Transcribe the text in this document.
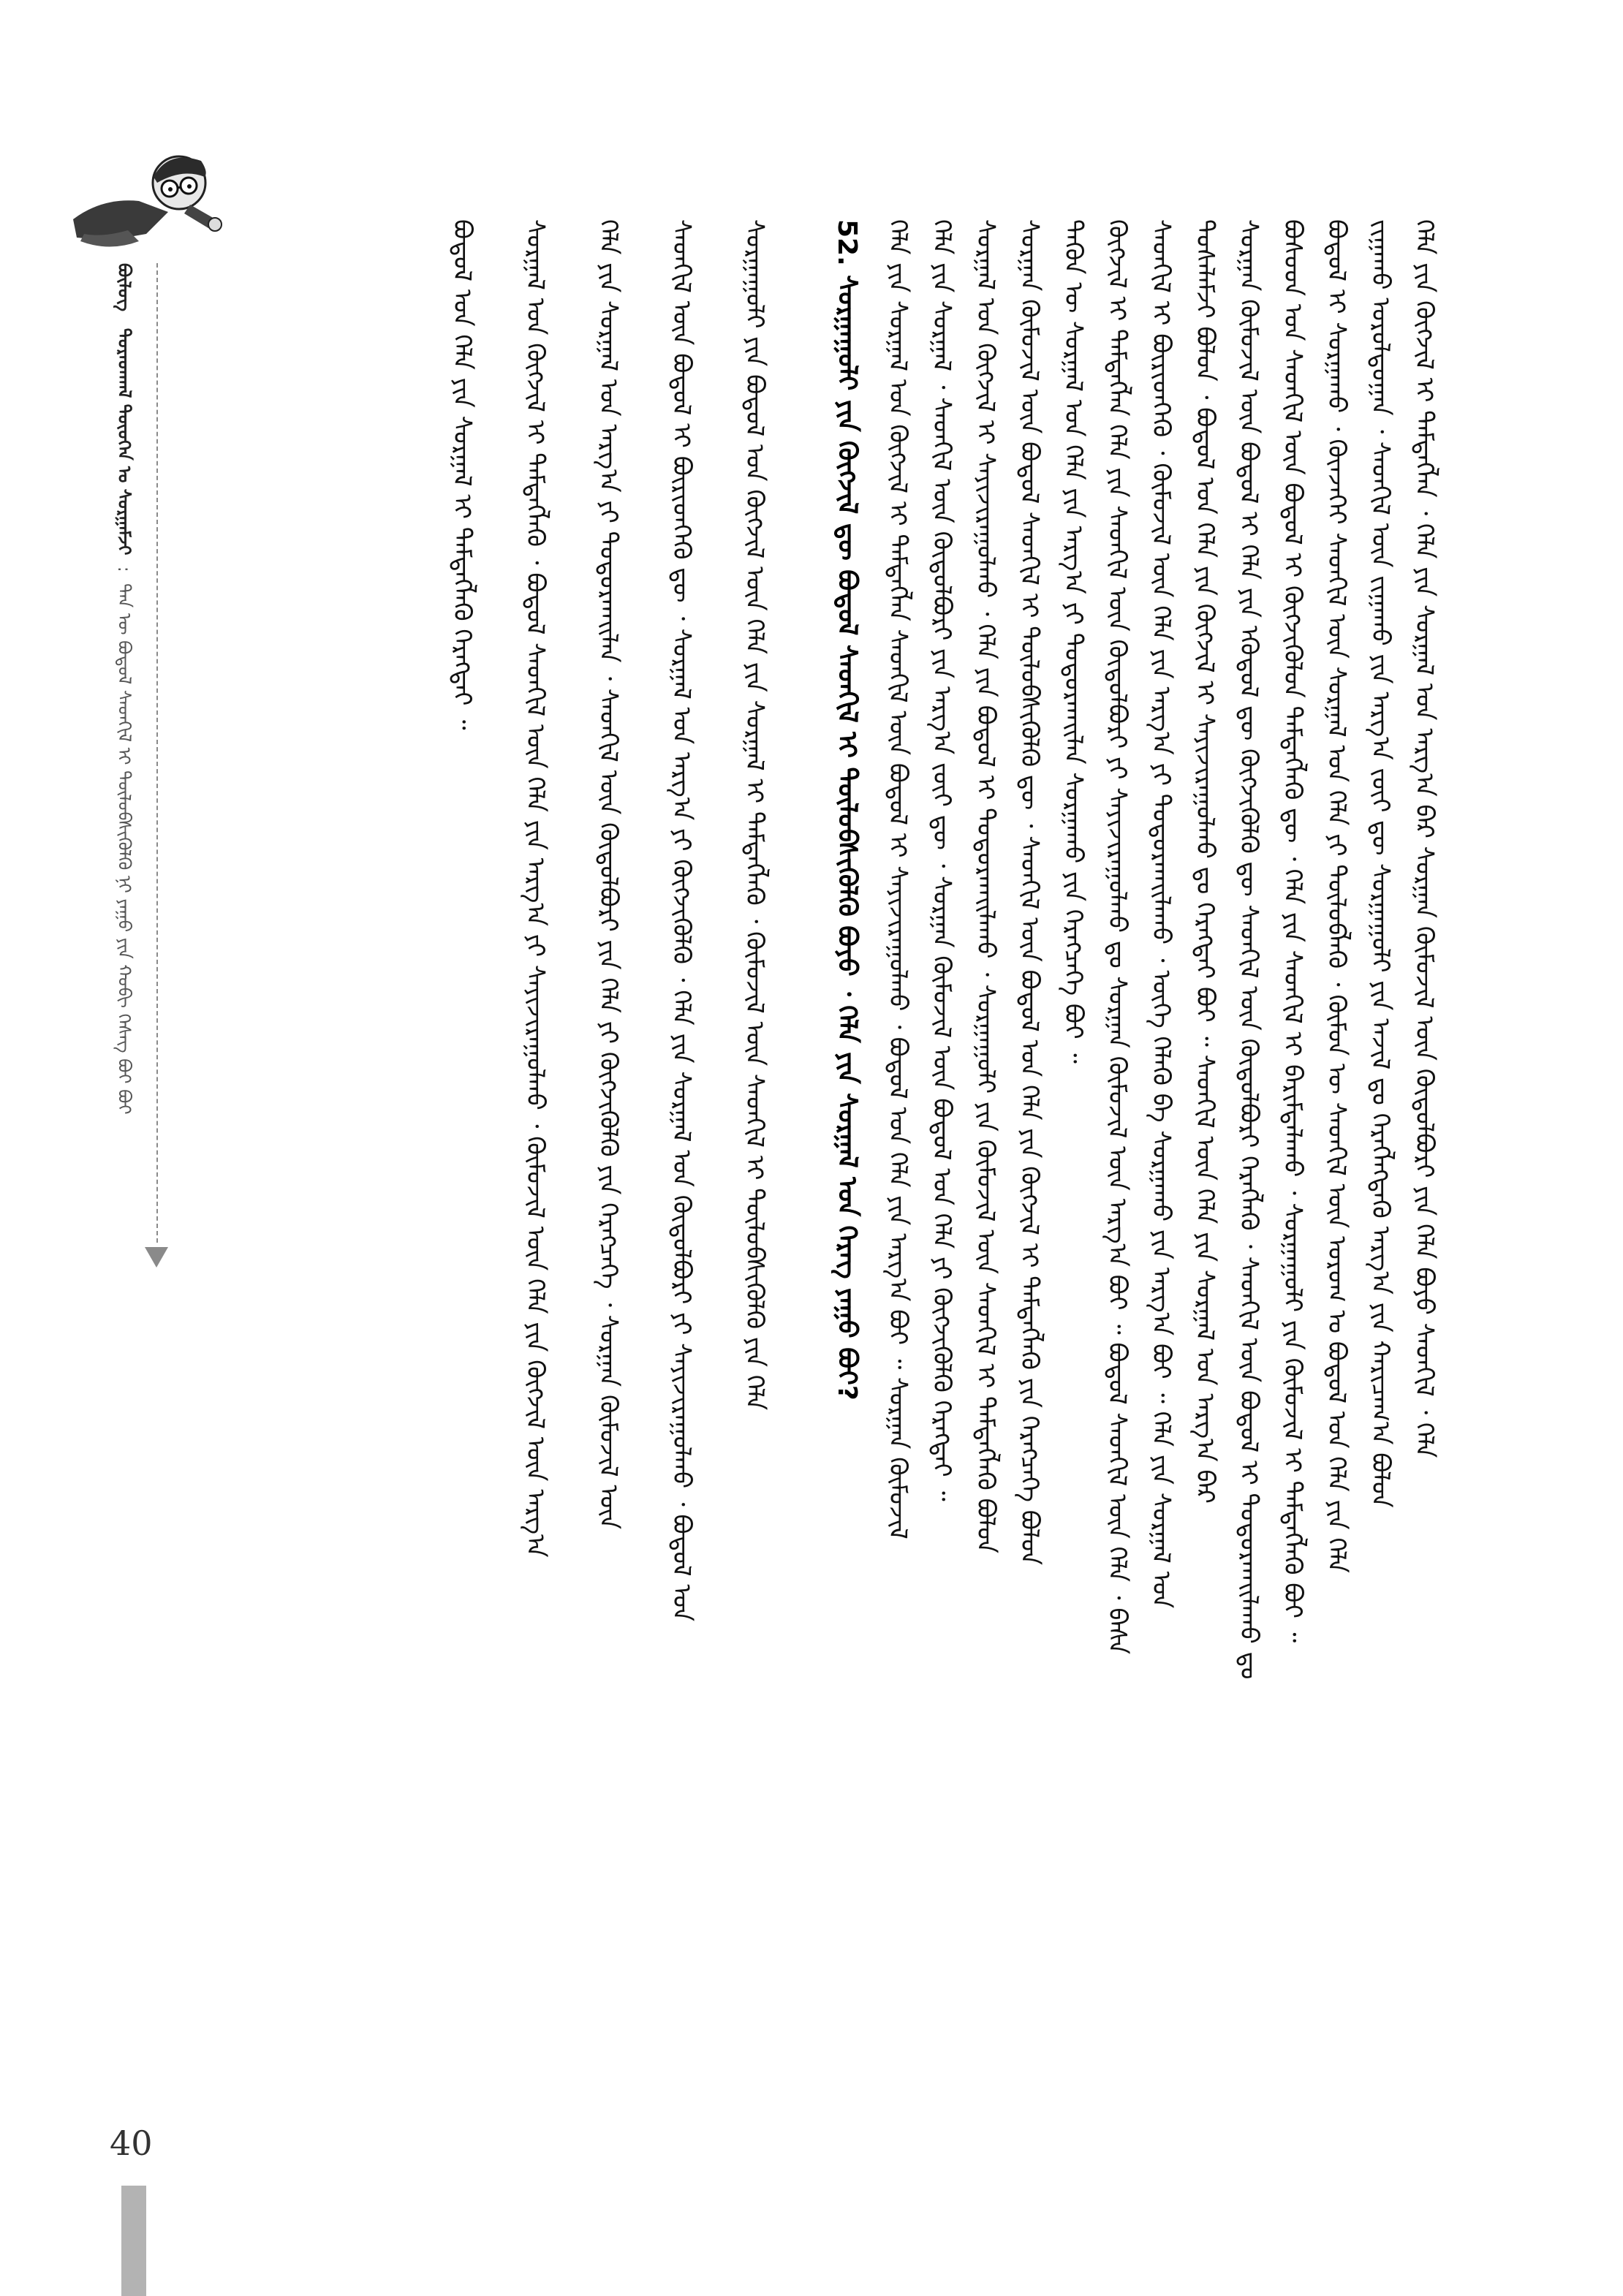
ᠪᠦᠯᠦᠭ   ᠳᠤᠷᠠᠳᠬᠠᠯ ᠲᠦᠦᠬᠡᠨ ᠤ ᠰᠤᠷᠭᠠᠮᠵᠢ  :  ᠲᠠᠨ ᠦ ᠪᠣᠳᠤᠯ ᠰᠡᠳᠬᠢᠯ ᠢ ᠲᠥᠯᠥᠪᠰᠢᠭᠦᠯᠬᠦ ᠨᠢ ᠶᠠᠭᠤ ᠶᠢᠨ ᠬᠤᠪᠢ ᠬᠡᠰᠡᠭ ᠪᠤᠢ ᠪᠤᠢ	ᠬᠡᠯᠡ ᠶᠢᠨ ᠬᠥᠭᠵᠢᠯ ᠢ ᠲᠡᠮᠳᠡᠭᠯᠡᠨ ᠂ ᠬᠡᠯᠡ ᠶᠢᠨ ᠰᠤᠷᠭᠠᠯ ᠤᠨ ᠠᠷᠭ᠎ᠠ ᠪᠠᠷ ᠰᠤᠷᠭᠠᠨ ᠬᠥᠮᠦᠵᠢᠯ ᠦᠨ ᠬᠥᠲᠦᠯᠪᠦᠷᠢ ᠶᠢᠨ ᠬᠡᠯᠡ ᠪᠤᠶᠤ ᠰᠡᠳᠬᠢᠯ ᠂ ᠬᠡᠯᠡ
ᠵᠢᠭᠠᠬᠤ ᠤᠷᠤᠯᠳᠤᠭᠠᠨ ᠂ ᠰᠡᠳᠬᠢᠯ ᠦᠨ ᠵᠢᠭᠠᠬᠤ ᠶᠢᠨ ᠠᠷᠭ᠎ᠠ ᠵᠦᠢ ᠳᠦ ᠰᠤᠷᠭᠠᠭᠤᠯᠢ ᠶᠢᠨ ᠠᠵᠢᠯ ᠳᠤ ᠬᠡᠷᠡᠭᠯᠡᠭᠳᠡᠬᠦ ᠠᠷᠭ᠎ᠠ ᠶᠢᠨ ᠬᠠᠷᠢᠴᠠᠭ᠎ᠠ ᠪᠣᠯᠤᠨ
ᠪᠣᠳᠤᠯ ᠢ ᠰᠤᠷᠭᠠᠬᠤ ᠂ ᠭᠥᠨᠵᠡᠭᠡᠢ ᠰᠡᠳᠬᠢᠯ ᠦᠨ ᠰᠤᠷᠭᠠᠯ ᠤᠨ ᠬᠡᠯᠡ ᠶᠢ ᠲᠥᠯᠥᠪᠯᠡᠬᠦ ᠂ ᠬᠦᠮᠦᠨ ᠦ ᠰᠡᠳᠬᠢᠯ ᠦᠨ ᠤᠷᠤᠭ ᠤ ᠪᠤᠳᠤᠯ ᠤᠨ ᠬᠡᠯᠡ ᠶᠢᠨ ᠬᠡᠯᠡ
ᠪᠤᠰᠤᠳ ᠤᠨ ᠰᠡᠳᠬᠢᠯ ᠦᠨ ᠪᠣᠳᠤᠯ ᠢ ᠬᠥᠭᠵᠢᠭᠦᠯᠦᠨ ᠲᠡᠮᠳᠡᠭᠯᠡᠬᠦ ᠳᠦ ᠂ ᠬᠡᠯᠡ ᠶᠢᠨ ᠰᠡᠳᠬᠢᠯ ᠢ ᠪᠠᠷᠢᠮᠲᠠᠯᠠᠬᠤ ᠂ ᠰᠤᠷᠭᠠᠭᠤᠯᠢ ᠶᠢᠨ ᠬᠦᠮᠦᠵᠢᠯ ᠢ ᠲᠡᠮᠳᠡᠭᠯᠡᠬᠦ ᠪᠤᠢ ᠃
ᠰᠤᠷᠭᠠᠨ ᠬᠦᠮᠦᠵᠢᠯ ᠦᠨ ᠪᠣᠳᠤᠯ ᠢ ᠬᠡᠯᠡ ᠶᠢᠨ ᠡᠭᠦᠳᠦᠯ ᠳᠦ ᠬᠥᠭᠵᠢᠭᠦᠯᠬᠦ ᠳᠦ ᠰᠡᠳᠬᠢᠯ ᠦᠨ ᠬᠥᠲᠦᠯᠪᠦᠷᠢ ᠬᠡᠷᠡᠭᠯᠡᠬᠦ ᠂ ᠰᠡᠳᠬᠢᠯ ᠦᠨ ᠪᠣᠳᠤᠯ ᠢ ᠲᠣᠳᠤᠷᠬᠠᠢᠯᠠᠬᠤ ᠳᠤ
ᠲᠤᠰᠠᠯᠠᠮᠵᠢ ᠪᠣᠯᠤᠨ ᠂ ᠪᠣᠳᠤᠯ ᠤᠨ ᠬᠡᠯᠡ ᠶᠢᠨ ᠬᠥᠭᠵᠢᠯ ᠢ ᠰᠠᠶᠢᠵᠢᠷᠠᠭᠤᠯᠬᠤ ᠳᠤ ᠬᠡᠷᠡᠭᠳᠡᠢ ᠪᠤᠢ ᠃ ᠰᠡᠳᠬᠢᠯ ᠦᠨ ᠬᠡᠯᠡ ᠶᠢᠨ ᠰᠤᠷᠭᠠᠯ ᠤᠨ ᠠᠷᠭ᠎ᠠ ᠪᠠᠷ
ᠰᠡᠳᠬᠢᠯ ᠢ ᠪᠦᠷᠢᠳᠬᠡᠬᠦ ᠂ ᠬᠥᠮᠦᠵᠢᠯ ᠦᠨ ᠬᠡᠯᠡ ᠶᠢᠨ ᠠᠷᠭ᠎ᠠ ᠶᠢ ᠲᠣᠳᠤᠷᠬᠠᠢᠯᠠᠬᠤ ᠂ ᠦᠭᠡ ᠬᠡᠯᠡᠬᠦ ᠪᠠ ᠰᠤᠷᠭᠠᠬᠤ ᠶᠢᠨ ᠠᠷᠭ᠎ᠠ ᠪᠤᠢ ᠃ ᠬᠡᠯᠡ ᠶᠢᠨ ᠰᠤᠷᠭᠠᠯ ᠤᠨ
ᠬᠥᠭᠵᠢᠯ ᠢ ᠲᠡᠮᠳᠡᠭᠯᠡᠨ ᠬᠡᠯᠡ ᠶᠢᠨ ᠰᠡᠳᠬᠢᠯ ᠦᠨ ᠬᠥᠲᠦᠯᠪᠦᠷᠢ ᠶᠢ ᠰᠠᠶᠢᠵᠢᠷᠠᠭᠤᠯᠬᠤ ᠳᠤ ᠰᠤᠷᠭᠠᠨ ᠬᠦᠮᠦᠵᠢᠯ ᠦᠨ ᠠᠷᠭ᠎ᠠ ᠪᠤᠢ ᠃ ᠪᠣᠳᠤᠯ ᠰᠡᠳᠬᠢᠯ ᠦᠨ ᠬᠡᠯᠡ ᠂ ᠪᠠᠰᠠ
ᠲᠡᠭᠦᠨ ᠦ ᠰᠤᠷᠭᠠᠯ ᠤᠨ ᠬᠡᠯᠡ ᠶᠢᠨ ᠠᠷᠭ᠎ᠠ ᠶᠢ ᠲᠣᠳᠤᠷᠬᠠᠢᠯᠠᠨ ᠰᠤᠷᠭᠠᠬᠤ ᠶᠢᠨ ᠬᠡᠷᠡᠭᠴᠡᠭᠡ ᠪᠤᠢ ᠃
ᠰᠤᠷᠭᠠᠨ ᠬᠦᠮᠦᠵᠢᠯ ᠦᠨ ᠪᠣᠳᠤᠯ ᠰᠡᠳᠬᠢᠯ ᠢ ᠲᠥᠯᠥᠪᠰᠢᠭᠦᠯᠬᠦ ᠳᠦ ᠂ ᠰᠡᠳᠬᠢᠯ ᠦᠨ ᠪᠣᠳᠤᠯ ᠤᠨ ᠬᠡᠯᠡ ᠶᠢᠨ ᠬᠥᠭᠵᠢᠯ ᠢ ᠲᠡᠮᠳᠡᠭᠯᠡᠬᠦ ᠶᠢᠨ ᠬᠡᠷᠡᠭᠴᠡᠭᠡ ᠪᠣᠯᠤᠨ
ᠰᠤᠷᠭᠠᠯ ᠤᠨ ᠬᠥᠭᠵᠢᠯ ᠢ ᠰᠠᠶᠢᠵᠢᠷᠠᠭᠤᠯᠬᠤ ᠂ ᠬᠡᠯᠡ ᠶᠢᠨ ᠪᠣᠳᠤᠯ ᠢ ᠲᠣᠳᠤᠷᠬᠠᠢᠯᠠᠬᠤ ᠂ ᠰᠤᠷᠭᠠᠭᠤᠯᠢ ᠶᠢᠨ ᠬᠦᠮᠦᠵᠢᠯ ᠦᠨ ᠰᠡᠳᠬᠢᠯ ᠢ ᠲᠡᠮᠳᠡᠭᠯᠡᠬᠦ ᠪᠣᠯᠤᠨ
ᠬᠡᠯᠡ ᠶᠢᠨ ᠰᠤᠷᠭᠠᠯ ᠂ ᠰᠡᠳᠬᠢᠯ ᠦᠨ ᠬᠥᠲᠦᠯᠪᠦᠷᠢ ᠶᠢᠨ ᠠᠷᠭ᠎ᠠ ᠵᠦᠢ ᠳᠦ ᠂ ᠰᠤᠷᠭᠠᠨ ᠬᠦᠮᠦᠵᠢᠯ ᠦᠨ ᠪᠣᠳᠤᠯ ᠤᠨ ᠬᠡᠯᠡ ᠶᠢ ᠬᠥᠭᠵᠢᠭᠦᠯᠬᠦ ᠬᠡᠷᠡᠭᠲᠡᠢ ᠃
ᠬᠡᠯᠡ ᠶᠢᠨ ᠰᠤᠷᠭᠠᠯ ᠤᠨ ᠬᠥᠭᠵᠢᠯ ᠢ ᠲᠡᠮᠳᠡᠭᠯᠡᠨ ᠰᠡᠳᠬᠢᠯ ᠦᠨ ᠪᠣᠳᠤᠯ ᠢ ᠰᠠᠶᠢᠵᠢᠷᠠᠭᠤᠯᠬᠤ ᠂ ᠪᠣᠳᠤᠯ ᠤᠨ ᠬᠡᠯᠡ ᠶᠢᠨ ᠠᠷᠭ᠎ᠠ ᠪᠤᠢ ᠃ ᠰᠤᠷᠭᠠᠨ ᠬᠦᠮᠦᠵᠢᠯ
52. ᠰᠤᠷᠭᠠᠭᠤᠯᠢ ᠶᠢᠨ ᠬᠥᠭᠵᠢᠯ ᠳᠦ ᠪᠣᠳᠤᠯ ᠰᠡᠳᠬᠢᠯ ᠢ ᠲᠥᠯᠥᠪᠰᠢᠭᠦᠯᠬᠦ ᠪᠤᠶᠤ ᠂ ᠬᠡᠯᠡ ᠶᠢᠨ ᠰᠤᠷᠭᠠᠯ ᠤᠨ ᠬᠡᠷᠡᠭ ᠶᠠᠭᠤ ᠪᠤᠢ?
ᠰᠤᠷᠭᠠᠭᠤᠯᠢ ᠶᠢᠨ ᠪᠣᠳᠤᠯ ᠤᠨ ᠬᠥᠭᠵᠢᠯ ᠦᠨ ᠬᠡᠯᠡ ᠶᠢᠨ ᠰᠤᠷᠭᠠᠯ ᠢ ᠲᠡᠮᠳᠡᠭᠯᠡᠬᠦ ᠂ ᠬᠥᠮᠦᠵᠢᠯ ᠦᠨ ᠰᠡᠳᠬᠢᠯ ᠢ ᠲᠥᠯᠥᠪᠰᠢᠭᠦᠯᠬᠦ ᠶᠢᠨ ᠬᠡᠯᠡ
ᠰᠡᠳᠬᠢᠯ ᠦᠨ ᠪᠣᠳᠤᠯ ᠢ ᠪᠦᠷᠢᠳᠬᠡᠬᠦ ᠳᠦ ᠂ ᠰᠤᠷᠭᠠᠯ ᠤᠨ ᠠᠷᠭ᠎ᠠ ᠶᠢ ᠬᠥᠭᠵᠢᠭᠦᠯᠬᠦ ᠂ ᠬᠡᠯᠡ ᠶᠢᠨ ᠰᠤᠷᠭᠠᠯ ᠤᠨ ᠬᠥᠲᠦᠯᠪᠦᠷᠢ ᠶᠢ ᠰᠠᠶᠢᠵᠢᠷᠠᠭᠤᠯᠬᠤ ᠂ ᠪᠣᠳᠤᠯ ᠤᠨ
ᠬᠡᠯᠡ ᠶᠢᠨ ᠰᠤᠷᠭᠠᠯ ᠤᠨ ᠠᠷᠭ᠎ᠠ ᠶᠢ ᠲᠣᠳᠤᠷᠬᠠᠢᠯᠠᠨ ᠂ ᠰᠡᠳᠬᠢᠯ ᠦᠨ ᠬᠥᠲᠦᠯᠪᠦᠷᠢ ᠶᠢᠨ ᠬᠡᠯᠡ ᠶᠢ ᠬᠥᠭᠵᠢᠭᠦᠯᠬᠦ ᠶᠢᠨ ᠬᠡᠷᠡᠭᠴᠡᠭᠡ ᠂ ᠰᠤᠷᠭᠠᠨ ᠬᠦᠮᠦᠵᠢᠯ ᠦᠨ
ᠰᠤᠷᠭᠠᠯ ᠤᠨ ᠬᠥᠭᠵᠢᠯ ᠢ ᠲᠡᠮᠳᠡᠭᠯᠡᠬᠦ ᠂ ᠪᠣᠳᠤᠯ ᠰᠡᠳᠬᠢᠯ ᠦᠨ ᠬᠡᠯᠡ ᠶᠢᠨ ᠠᠷᠭ᠎ᠠ ᠶᠢ ᠰᠠᠶᠢᠵᠢᠷᠠᠭᠤᠯᠬᠤ ᠂ ᠬᠥᠮᠦᠵᠢᠯ ᠦᠨ ᠬᠡᠯᠡ ᠶᠢᠨ ᠬᠥᠭᠵᠢᠯ ᠦᠨ ᠠᠷᠭ᠎ᠠ
ᠪᠣᠳᠤᠯ ᠤᠨ ᠬᠡᠯᠡ ᠶᠢᠨ ᠰᠤᠷᠭᠠᠯ ᠢ ᠲᠡᠮᠳᠡᠭᠯᠡᠬᠦ ᠬᠡᠷᠡᠭᠲᠡᠢ ᠃
40
